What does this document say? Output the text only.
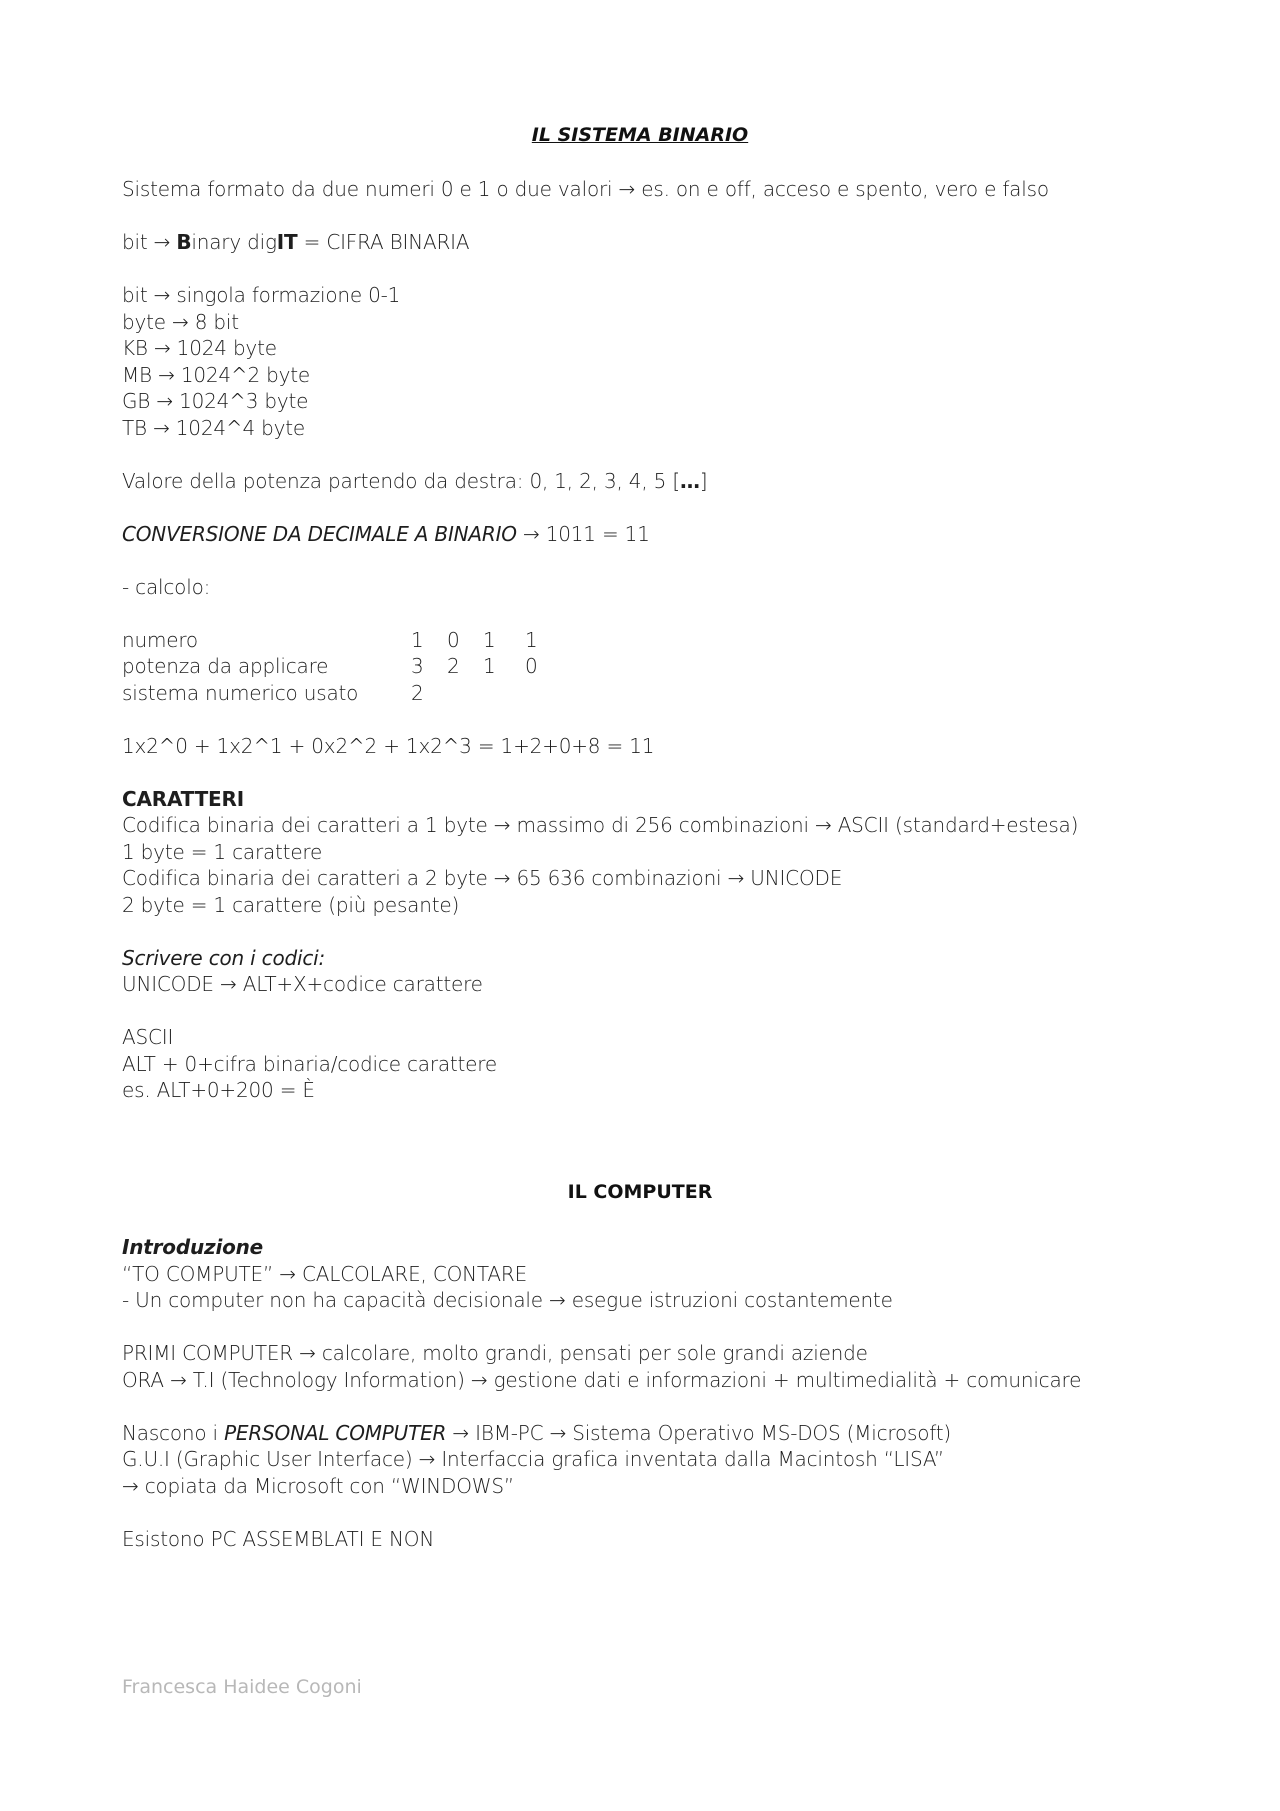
IL SISTEMA BINARIO
Sistema formato da due numeri 0 e 1 o due valori → es. on e off, acceso e spento, vero e falso
bit → Binary digIT = CIFRA BINARIA
bit → singola formazione 0-1
byte → 8 bit
KB → 1024 byte
MB → 1024^2 byte
GB → 1024^3 byte
TB → 1024^4 byte
Valore della potenza partendo da destra: 0, 1, 2, 3, 4, 5 […]
CONVERSIONE DA DECIMALE A BINARIO → 1011 = 11
- calcolo:
numero	1 0 1 1
potenza da applicare	3 2 1 0
sistema numerico usato	2
1x2^0 + 1x2^1 + 0x2^2 + 1x2^3 = 1+2+0+8 = 11
CARATTERI
Codifica binaria dei caratteri a 1 byte → massimo di 256 combinazioni → ASCII (standard+estesa)
1 byte = 1 carattere
Codifica binaria dei caratteri a 2 byte → 65 636 combinazioni → UNICODE
2 byte = 1 carattere (più pesante)
Scrivere con i codici:
UNICODE → ALT+X+codice carattere
ASCII
ALT + 0+cifra binaria/codice carattere
es. ALT+0+200 = È
IL COMPUTER
Introduzione
“TO COMPUTE” → CALCOLARE, CONTARE
- Un computer non ha capacità decisionale → esegue istruzioni costantemente
PRIMI COMPUTER → calcolare, molto grandi, pensati per sole grandi aziende
ORA → T.I (Technology Information) → gestione dati e informazioni + multimedialità + comunicare
Nascono i PERSONAL COMPUTER → IBM-PC → Sistema Operativo MS-DOS (Microsoft)
G.U.I (Graphic User Interface) → Interfaccia grafica inventata dalla Macintosh “LISA”
→ copiata da Microsoft con “WINDOWS”
Esistono PC ASSEMBLATI E NON
Francesca Haidee Cogoni
